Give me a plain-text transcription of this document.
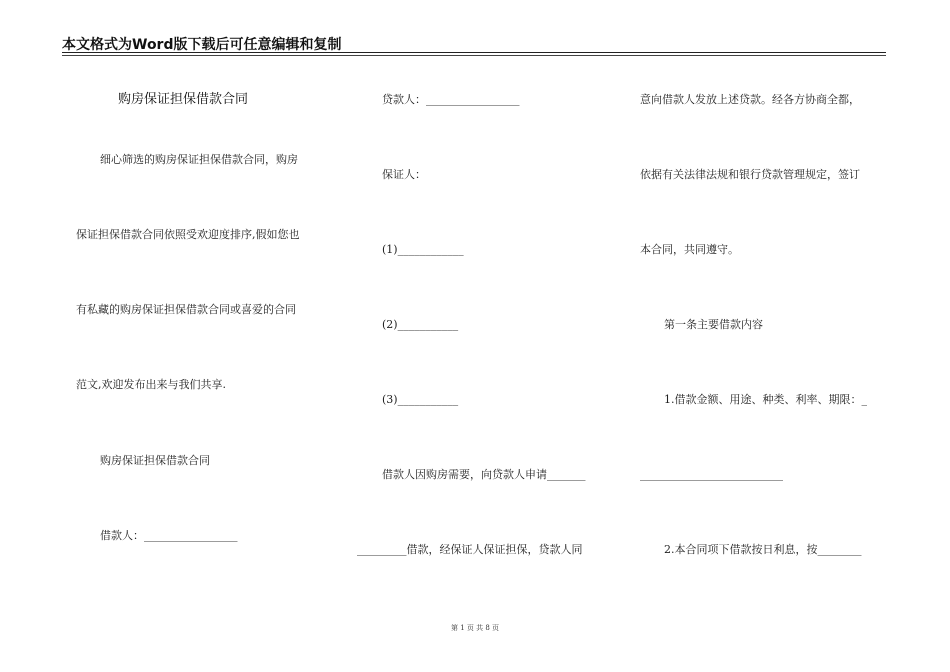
本文格式为Word版下载后可任意编辑和复制
购房保证担保借款合同
细心筛选的购房保证担保借款合同，购房
保证担保借款合同依照受欢迎度排序,假如您也
有私藏的购房保证担保借款合同或喜爱的合同
范文,欢迎发布出来与我们共享.
购房保证担保借款合同
借款人：_________________
贷款人：_________________
保证人：
(1)____________
(2)___________
(3)___________
借款人因购房需要，向贷款人申请_______
_________借款，经保证人保证担保，贷款人同
意向借款人发放上述贷款。经各方协商全都，
依据有关法律法规和银行贷款管理规定，签订
本合同，共同遵守。
第一条主要借款内容
1.借款金额、用途、种类、利率、期限：_
__________________________
2.本合同项下借款按日利息，按________
第 1 页 共 8 页
